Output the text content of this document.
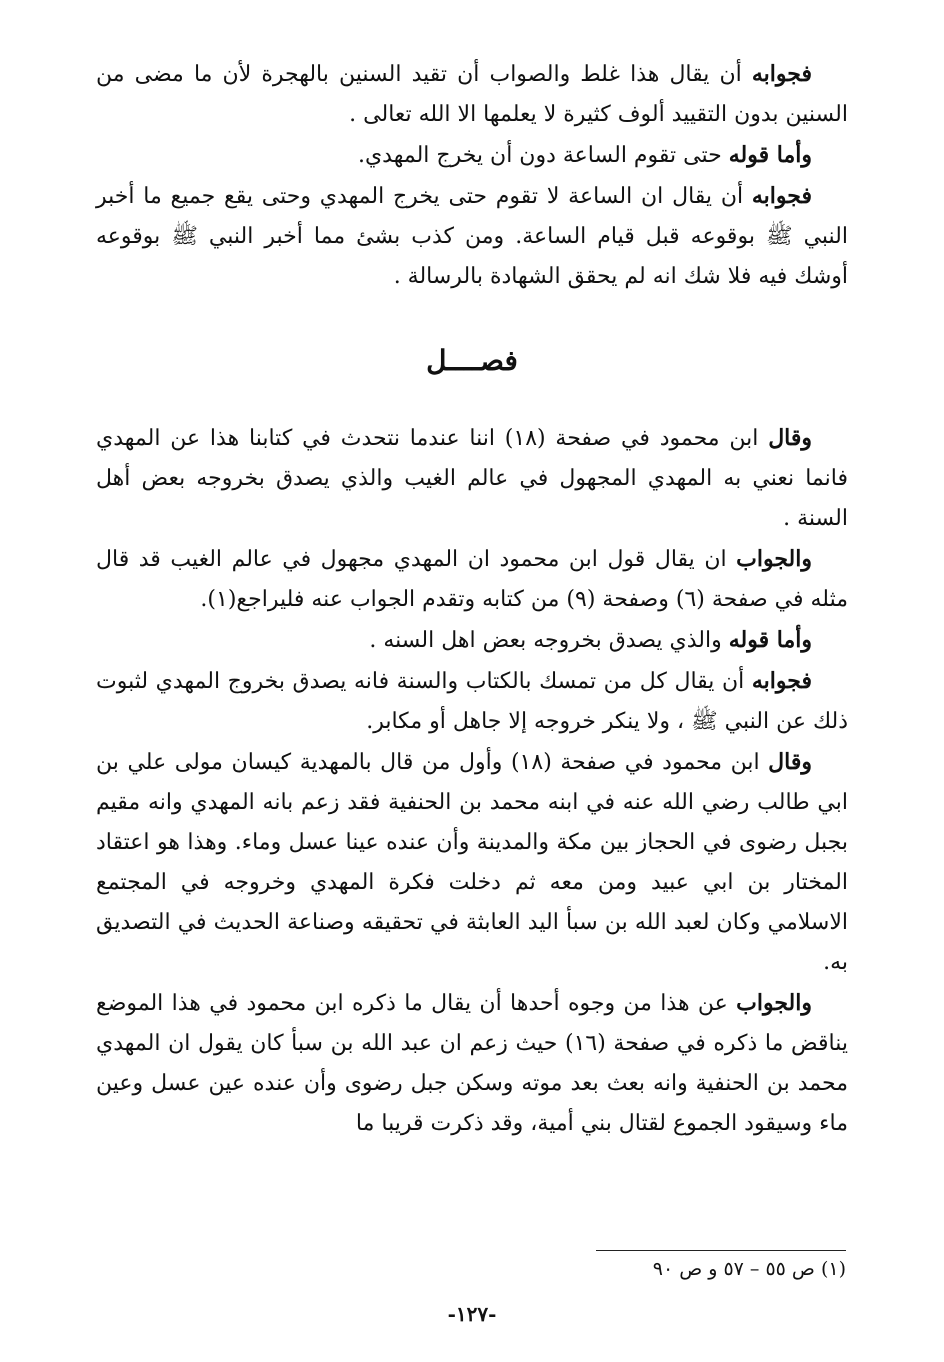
فجوابه أن يقال هذا غلط والصواب أن تقيد السنين بالهجرة لأن ما مضى من السنين بدون التقييد ألوف كثيرة لا يعلمها الا الله تعالى .

وأما قوله حتى تقوم الساعة دون أن يخرج المهدي.

فجوابه أن يقال ان الساعة لا تقوم حتى يخرج المهدي وحتى يقع جميع ما أخبر النبي ﷺ بوقوعه قبل قيام الساعة. ومن كذب بشئ مما أخبر النبي ﷺ بوقوعه أوشك فيه فلا شك انه لم يحقق الشهادة بالرسالة .

فصــــل

وقال ابن محمود في صفحة (١٨) اننا عندما نتحدث في كتابنا هذا عن المهدي فانما نعني به المهدي المجهول في عالم الغيب والذي يصدق بخروجه بعض أهل السنة .

والجواب ان يقال قول ابن محمود ان المهدي مجهول في عالم الغيب قد قال مثله في صفحة (٦) وصفحة (٩) من كتابه وتقدم الجواب عنه فليراجع(١).

وأما قوله والذي يصدق بخروجه بعض اهل السنه .

فجوابه أن يقال كل من تمسك بالكتاب والسنة فانه يصدق بخروج المهدي لثبوت ذلك عن النبي ﷺ ، ولا ينكر خروجه إلا جاهل أو مكابر.

وقال ابن محمود في صفحة (١٨) وأول من قال بالمهدية كيسان مولى علي بن ابي طالب رضي الله عنه في ابنه محمد بن الحنفية فقد زعم بانه المهدي وانه مقيم بجبل رضوى في الحجاز بين مكة والمدينة وأن عنده عينا عسل وماء. وهذا هو اعتقاد المختار بن ابي عبيد ومن معه ثم دخلت فكرة المهدي وخروجه في المجتمع الاسلامي وكان لعبد الله بن سبأ اليد العابثة في تحقيقه وصناعة الحديث في التصديق به.

والجواب عن هذا من وجوه أحدها أن يقال ما ذكره ابن محمود في هذا الموضع يناقض ما ذكره في صفحة (١٦) حيث زعم ان عبد الله بن سبأ كان يقول ان المهدي محمد بن الحنفية وانه بعث بعد موته وسكن جبل رضوى وأن عنده عين عسل وعين ماء وسيقود الجموع لقتال بني أمية، وقد ذكرت قريبا ما

(١) ص ٥٥ – ٥٧ و ص ٩٠
-١٢٧-
